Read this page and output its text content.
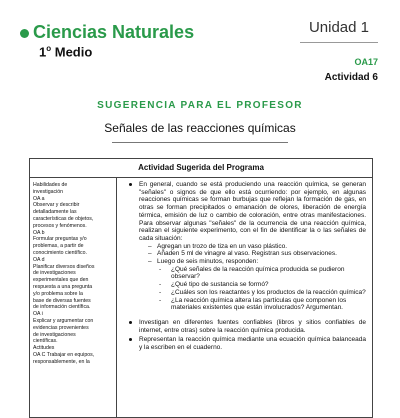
Ciencias Naturales
1$^o$ Medio
Unidad 1
OA17
Actividad 6
SUGERENCIA PARA EL PROFESOR
Señales de las reacciones químicas
Actividad Sugerida del Programa
Habilidades de
investigación
OA a
Observar y describir
detalladamente las
características de objetos,
procesos y fenómenos.
OA b
Formular preguntas y/o
problemas, a partir de
conocimiento científico.
OA d
Planificar diversos diseños
de investigaciones
experimentales que den
respuesta a una pregunta
y/o problema sobre la
base de diversas fuentes
de información científica.
OA i
Explicar y argumentar con
evidencias provenientes
de investigaciones
científicas.
Actitudes
OA C Trabajar en equipos,
responsablemente, en la
En general, cuando se está produciendo una reacción química, se generan "señales" o signos de que ello está ocurriendo: por ejemplo, en algunas reacciones químicas se forman burbujas que reflejan la formación de gas, en otras se forman precipitados o emanación de olores, liberación de energía térmica, emisión de luz o cambio de coloración, entre otras manifestaciones. Para observar algunas "señales" de la ocurrencia de una reacción química, realizan el siguiente experimento, con el fin de identificar la o las señales de cada situación:
– Agregan un trozo de tiza en un vaso plástico.
– Añaden 5 ml de vinagre al vaso. Registran sus observaciones.
– Luego de seis minutos, responden:
- ¿Qué señales de la reacción química producida se pudieron observar?
- ¿Qué tipo de sustancia se formó?
- ¿Cuáles son los reactantes y los productos de la reacción química?
- ¿La reacción química altera las partículas que componen los materiales existentes que están involucrados? Argumentan.
Investigan en diferentes fuentes confiables (libros y sitios confiables de internet, entre otras) sobre la reacción química producida.
Representan la reacción química mediante una ecuación química balanceada y la escriben en el cuaderno.
